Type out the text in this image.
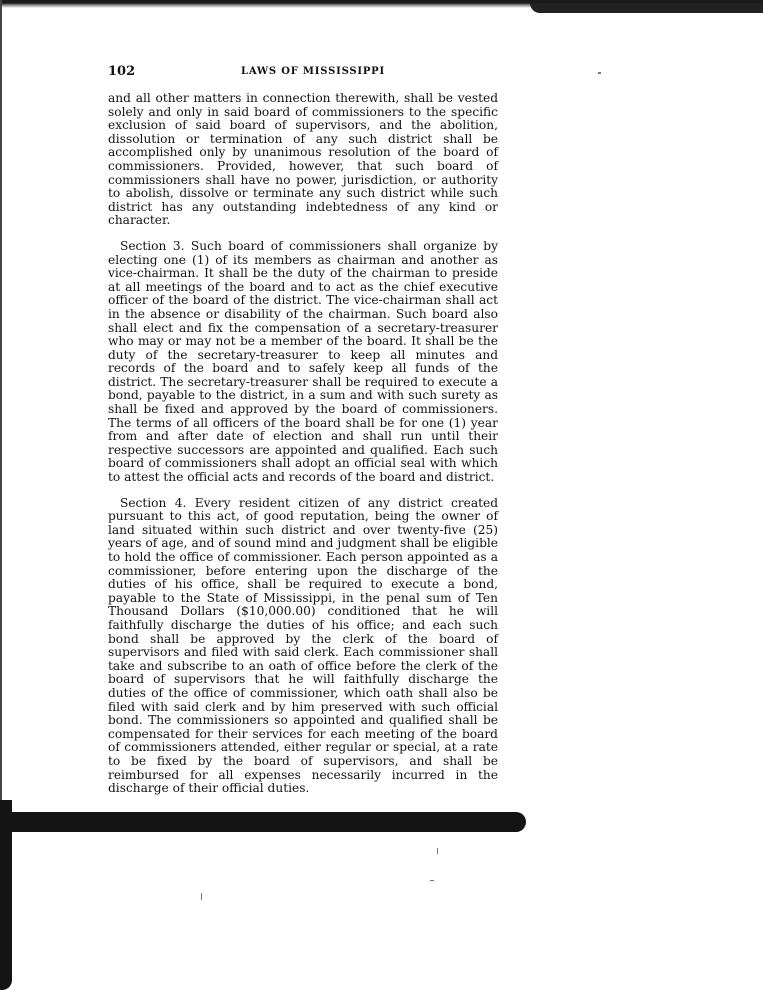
102	LAWS OF MISSISSIPPI

and all other matters in connection therewith, shall be vested solely and only in said board of commissioners to the specific exclusion of said board of supervisors, and the abolition, dissolution or termination of any such district shall be accomplished only by unanimous resolution of the board of commissioners. Provided, however, that such board of commissioners shall have no power, jurisdiction, or authority to abolish, dissolve or terminate any such district while such district has any outstanding indebtedness of any kind or character.

Section 3. Such board of commissioners shall organize by electing one (1) of its members as chairman and another as vice-chairman. It shall be the duty of the chairman to preside at all meetings of the board and to act as the chief executive officer of the board of the district. The vice-chairman shall act in the absence or disability of the chairman. Such board also shall elect and fix the compensation of a secretary-treasurer who may or may not be a member of the board. It shall be the duty of the secretary-treasurer to keep all minutes and records of the board and to safely keep all funds of the district. The secretary-treasurer shall be required to execute a bond, payable to the district, in a sum and with such surety as shall be fixed and approved by the board of commissioners. The terms of all officers of the board shall be for one (1) year from and after date of election and shall run until their respective successors are appointed and qualified. Each such board of commissioners shall adopt an official seal with which to attest the official acts and records of the board and district.

Section 4. Every resident citizen of any district created pursuant to this act, of good reputation, being the owner of land situated within such district and over twenty-five (25) years of age, and of sound mind and judgment shall be eligible to hold the office of commissioner. Each person appointed as a commissioner, before entering upon the discharge of the duties of his office, shall be required to execute a bond, payable to the State of Mississippi, in the penal sum of Ten Thousand Dollars ($10,000.00) conditioned that he will faithfully discharge the duties of his office; and each such bond shall be approved by the clerk of the board of supervisors and filed with said clerk. Each commissioner shall take and subscribe to an oath of office before the clerk of the board of supervisors that he will faithfully discharge the duties of the office of commissioner, which oath shall also be filed with said clerk and by him preserved with such official bond. The commissioners so appointed and qualified shall be compensated for their services for each meeting of the board of commissioners attended, either regular or special, at a rate to be fixed by the board of supervisors, and shall be reimbursed for all expenses necessarily incurred in the discharge of their official duties.
